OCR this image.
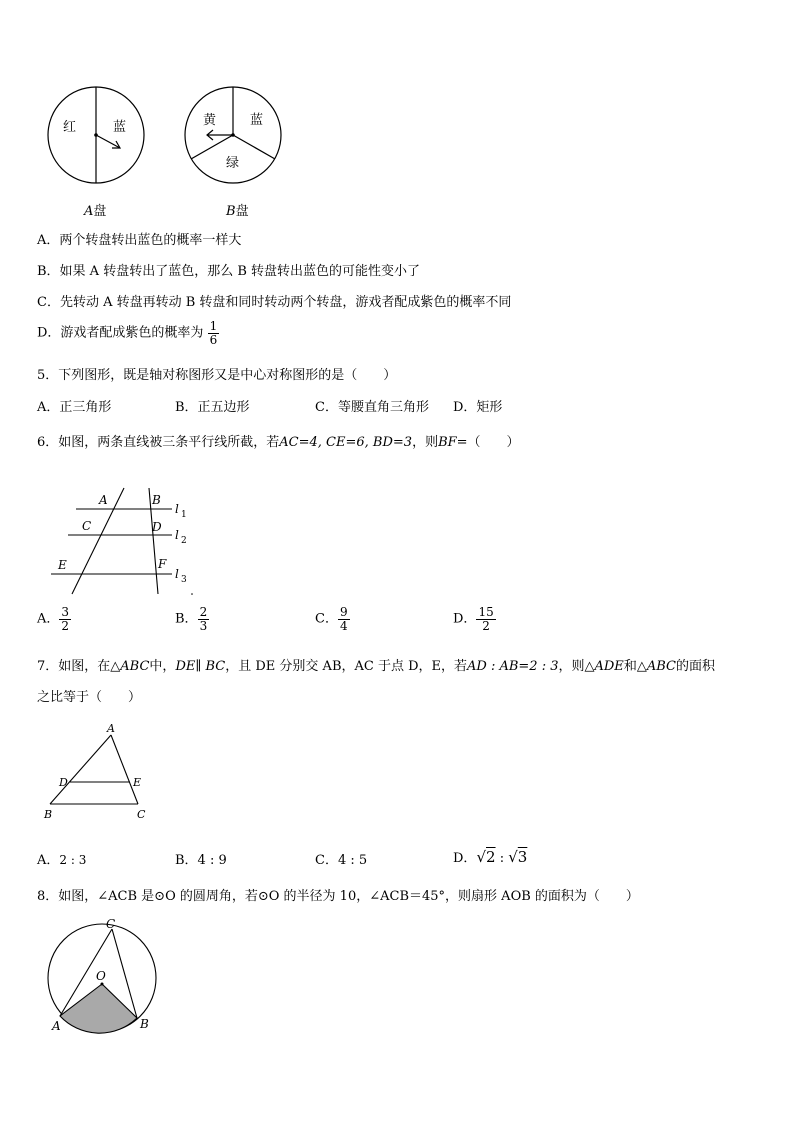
红	蓝
A盘
黄	蓝
绿
B盘
A．两个转盘转出蓝色的概率一样大
B．如果 A 转盘转出了蓝色，那么 B 转盘转出蓝色的可能性变小了
C．先转动 A 转盘再转动 B 转盘和同时转动两个转盘，游戏者配成紫色的概率不同
D．游戏者配成紫色的概率为 $\frac{1}{6}$
5．下列图形，既是轴对称图形又是中心对称图形的是（　　）
A．正三角形	B．正五边形	C．等腰直角三角形 D．矩形
6．如图，两条直线被三条平行线所截，若AC=4, CE=6, BD=3，则BF=（　　）
A	B
C	D
E	F
l 1
l 2
l 3
A． $\frac{3}{2}$	B． $\frac{2}{3}$	C． $\frac{9}{4}$	D． $\frac{15}{2}$
7．如图，在△ABC中，DE∥ BC，且 DE 分别交 AB，AC 于点 D，E，若AD : AB=2 : 3，则△ADE和△ABC的面积
之比等于（　　）
A
D	E
B	C
A．2 : 3	B．4 : 9	C．4 : 5	D．√2 : √3
8．如图，∠ACB 是⊙O 的圆周角，若⊙O 的半径为 10，∠ACB＝45°，则扇形 AOB 的面积为（　　）
C
O
A	B
